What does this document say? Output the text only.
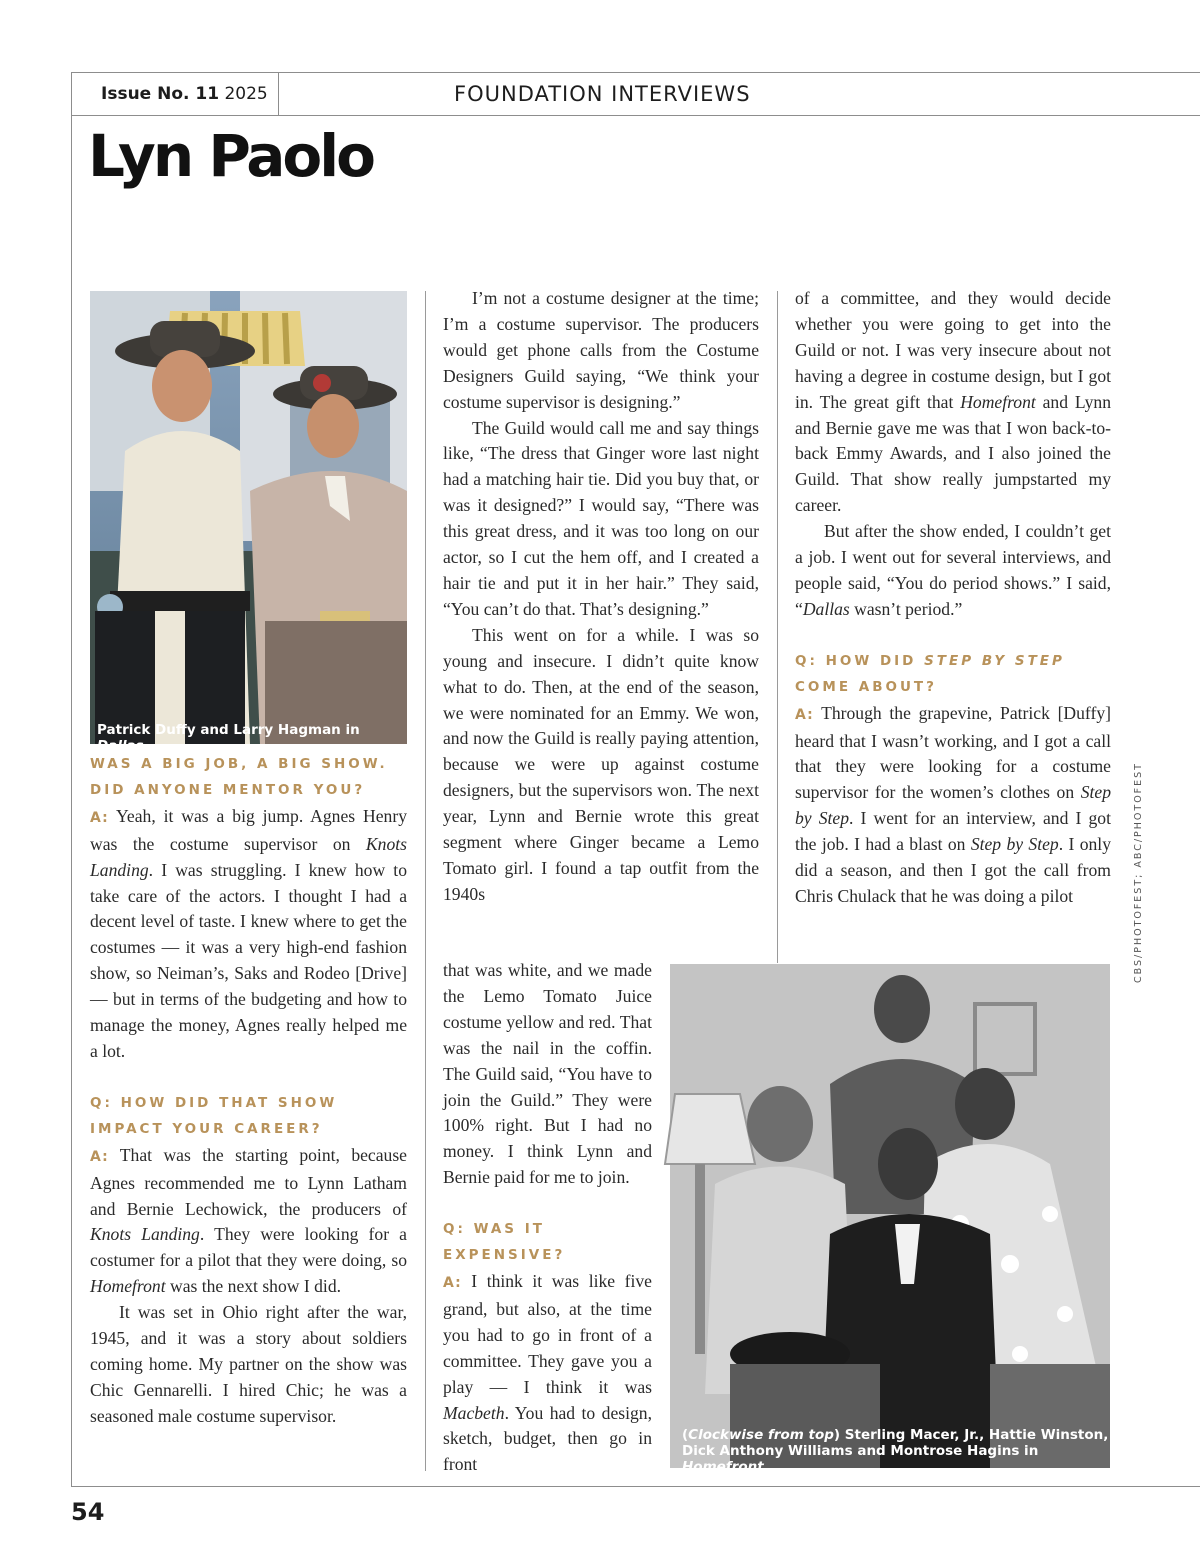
Issue No. 11 2025	FOUNDATION INTERVIEWS
Lyn Paolo
Patrick Duffy and Larry Hagman in Dallas

WAS A BIG JOB, A BIG SHOW. DID ANYONE MENTOR YOU?

A: Yeah, it was a big jump. Agnes Henry was the costume supervisor on Knots Landing. I was struggling. I knew how to take care of the actors. I thought I had a decent level of taste. I knew where to get the costumes — it was a very high-end fashion show, so Neiman’s, Saks and Rodeo [Drive] — but in terms of the budgeting and how to manage the money, Agnes really helped me a lot.

Q: HOW DID THAT SHOW IMPACT YOUR CAREER?

A: That was the starting point, because Agnes recommended me to Lynn Latham and Bernie Lechowick, the producers of Knots Landing. They were looking for a costumer for a pilot that they were doing, so Homefront was the next show I did.

It was set in Ohio right after the war, 1945, and it was a story about soldiers coming home. My partner on the show was Chic Gennarelli. I hired Chic; he was a seasoned male costume supervisor.

I’m not a costume designer at the time; I’m a costume supervisor. The producers would get phone calls from the Costume Designers Guild saying, “We think your costume supervisor is designing.”

The Guild would call me and say things like, “The dress that Ginger wore last night had a matching hair tie. Did you buy that, or was it designed?” I would say, “There was this great dress, and it was too long on our actor, so I cut the hem off, and I created a hair tie and put it in her hair.” They said, “You can’t do that. That’s designing.”

This went on for a while. I was so young and insecure. I didn’t quite know what to do. Then, at the end of the season, we were nominated for an Emmy. We won, and now the Guild is really paying attention, because we were up against costume designers, but the supervisors won. The next year, Lynn and Bernie wrote this great segment where Ginger became a Lemo Tomato girl. I found a tap outfit from the 1940s

that was white, and we made the Lemo Tomato Juice costume yellow and red. That was the nail in the coffin. The Guild said, “You have to join the Guild.” They were 100% right. But I had no money. I think Lynn and Bernie paid for me to join.

Q: WAS IT EXPENSIVE?

A: I think it was like five grand, but also, at the time you had to go in front of a committee. They gave you a play — I think it was Macbeth. You had to design, sketch, budget, then go in front

of a committee, and they would decide whether you were going to get into the Guild or not. I was very insecure about not having a degree in costume design, but I got in. The great gift that Homefront and Lynn and Bernie gave me was that I won back-to-back Emmy Awards, and I also joined the Guild. That show really jumpstarted my career.

But after the show ended, I couldn’t get a job. I went out for several interviews, and people said, “You do period shows.” I said, “Dallas wasn’t period.”

Q: HOW DID STEP BY STEP COME ABOUT?

A: Through the grapevine, Patrick [Duffy] heard that I wasn’t working, and I got a call that they were looking for a costume supervisor for the women’s clothes on Step by Step. I went for an interview, and I got the job. I had a blast on Step by Step. I only did a season, and then I got the call from Chris Chulack that he was doing a pilot

(Clockwise from top) Sterling Macer, Jr., Hattie Winston,
Dick Anthony Williams and Montrose Hagins in Homefront
CBS/PHOTOFEST; ABC/PHOTOFEST
54
